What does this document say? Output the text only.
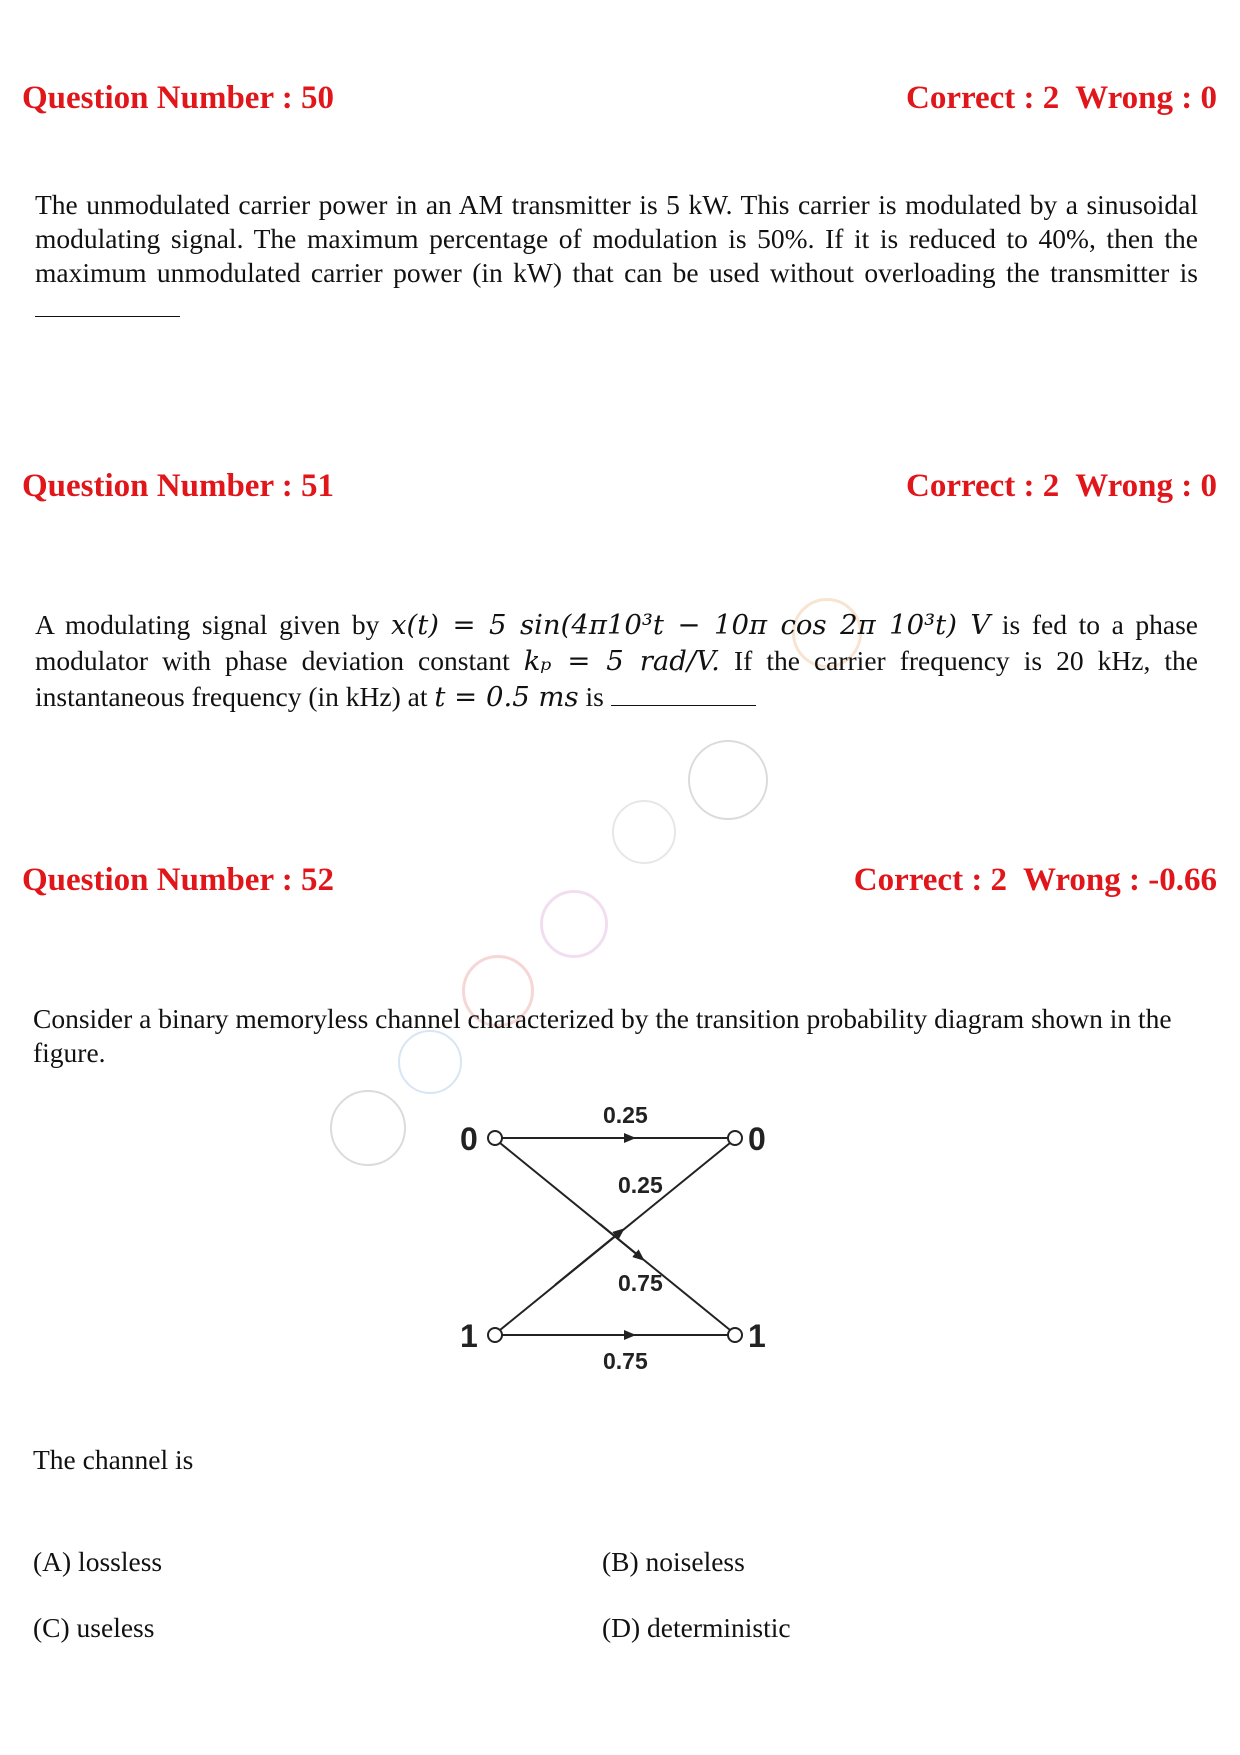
Question Number : 50	Correct : 2  Wrong : 0
The unmodulated carrier power in an AM transmitter is 5 kW. This carrier is modulated by a sinusoidal modulating signal. The maximum percentage of modulation is 50%. If it is reduced to 40%, then the maximum unmodulated carrier power (in kW) that can be used without overloading the transmitter is
Question Number : 51	Correct : 2  Wrong : 0
A modulating signal given by x(t) = 5 sin(4π10³t − 10π cos 2π 10³t) V is fed to a phase modulator with phase deviation constant kₚ = 5 rad/V. If the carrier frequency is 20 kHz, the instantaneous frequency (in kHz) at t = 0.5 ms is
Question Number : 52	Correct : 2  Wrong : -0.66
Consider a binary memoryless channel characterized by the transition probability diagram shown in the figure.
0
1
0
1
0.25
0.25
0.75
0.75
The channel is
(A) lossless	(B) noiseless
(C) useless	(D) deterministic
